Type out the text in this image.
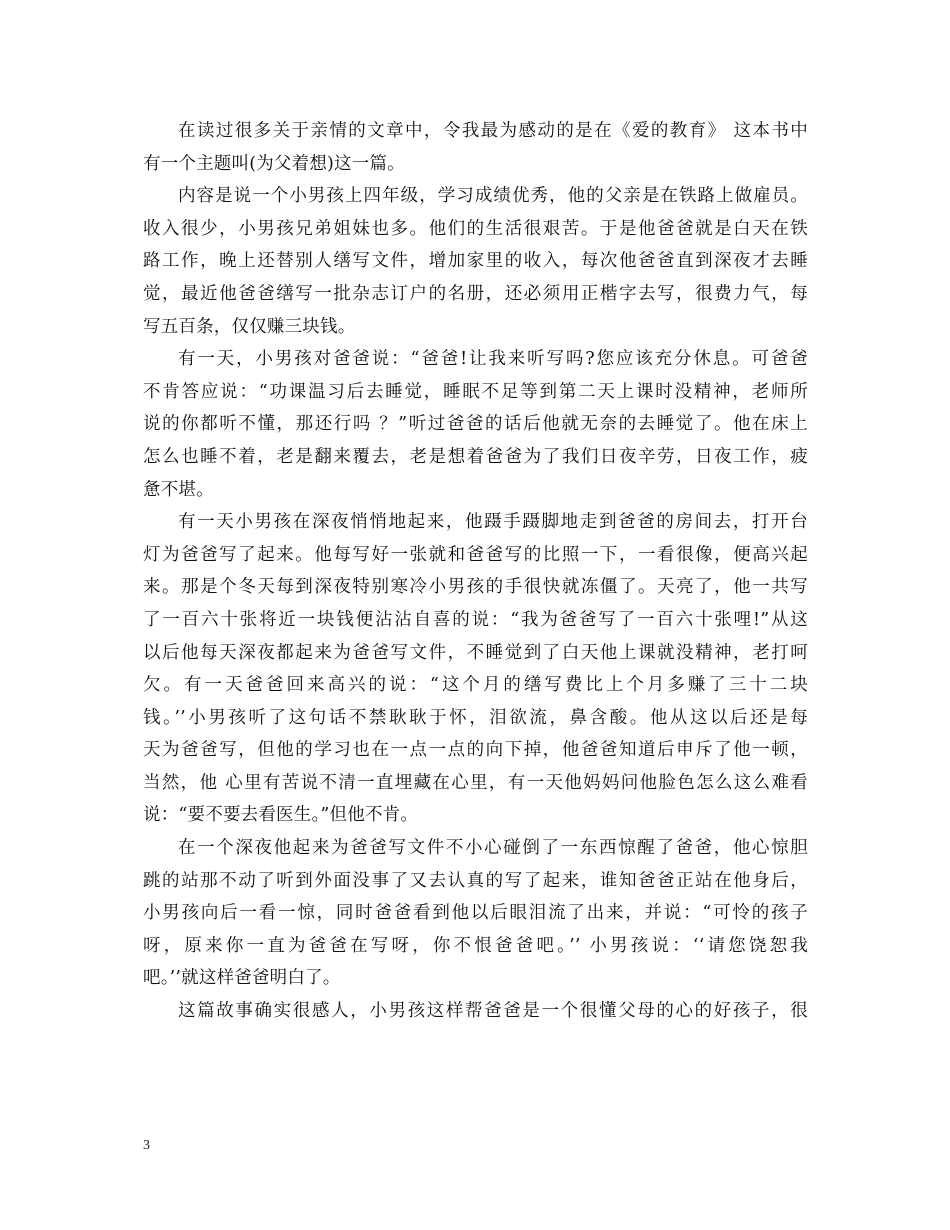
在读过很多关于亲情的文章中，令我最为感动的是在《爱的教育》 这本书中
有一个主题叫(为父着想)这一篇。
内容是说一个小男孩上四年级，学习成绩优秀，他的父亲是在铁路上做雇员。
收入很少，小男孩兄弟姐妹也多。他们的生活很艰苦。于是他爸爸就是白天在铁
路工作，晚上还替别人缮写文件，增加家里的收入，每次他爸爸直到深夜才去睡
觉，最近他爸爸缮写一批杂志订户的名册，还必须用正楷字去写，很费力气，每
写五百条，仅仅赚三块钱。
有一天，小男孩对爸爸说：“爸爸!让我来听写吗?您应该充分休息。可爸爸
不肯答应说：“功课温习后去睡觉，睡眠不足等到第二天上课时没精神，老师所
说的你都听不懂，那还行吗 ？”听过爸爸的话后他就无奈的去睡觉了。他在床上
怎么也睡不着，老是翻来覆去，老是想着爸爸为了我们日夜辛劳，日夜工作，疲
惫不堪。
有一天小男孩在深夜悄悄地起来，他蹑手蹑脚地走到爸爸的房间去，打开台
灯为爸爸写了起来。他每写好一张就和爸爸写的比照一下，一看很像，便高兴起
来。那是个冬天每到深夜特别寒冷小男孩的手很快就冻僵了。天亮了，他一共写
了一百六十张将近一块钱便沾沾自喜的说：“我为爸爸写了一百六十张哩!”从这
以后他每天深夜都起来为爸爸写文件，不睡觉到了白天他上课就没精神，老打呵
欠。有一天爸爸回来高兴的说：“这个月的缮写费比上个月多赚了三十二块
钱。’’小男孩听了这句话不禁耿耿于怀，泪欲流，鼻含酸。他从这以后还是每
天为爸爸写，但他的学习也在一点一点的向下掉，他爸爸知道后申斥了他一顿，
当然，他 心里有苦说不清一直埋藏在心里，有一天他妈妈问他脸色怎么这么难看
说：“要不要去看医生。”但他不肯。
在一个深夜他起来为爸爸写文件不小心碰倒了一东西惊醒了爸爸，他心惊胆
跳的站那不动了听到外面没事了又去认真的写了起来，谁知爸爸正站在他身后，
小男孩向后一看一惊，同时爸爸看到他以后眼泪流了出来，并说：“可怜的孩子
呀，原来你一直为爸爸在写呀，你不恨爸爸吧。’’ 小男孩说：‘‘请您饶恕我
吧。’’就这样爸爸明白了。
这篇故事确实很感人，小男孩这样帮爸爸是一个很懂父母的心的好孩子，很
3
